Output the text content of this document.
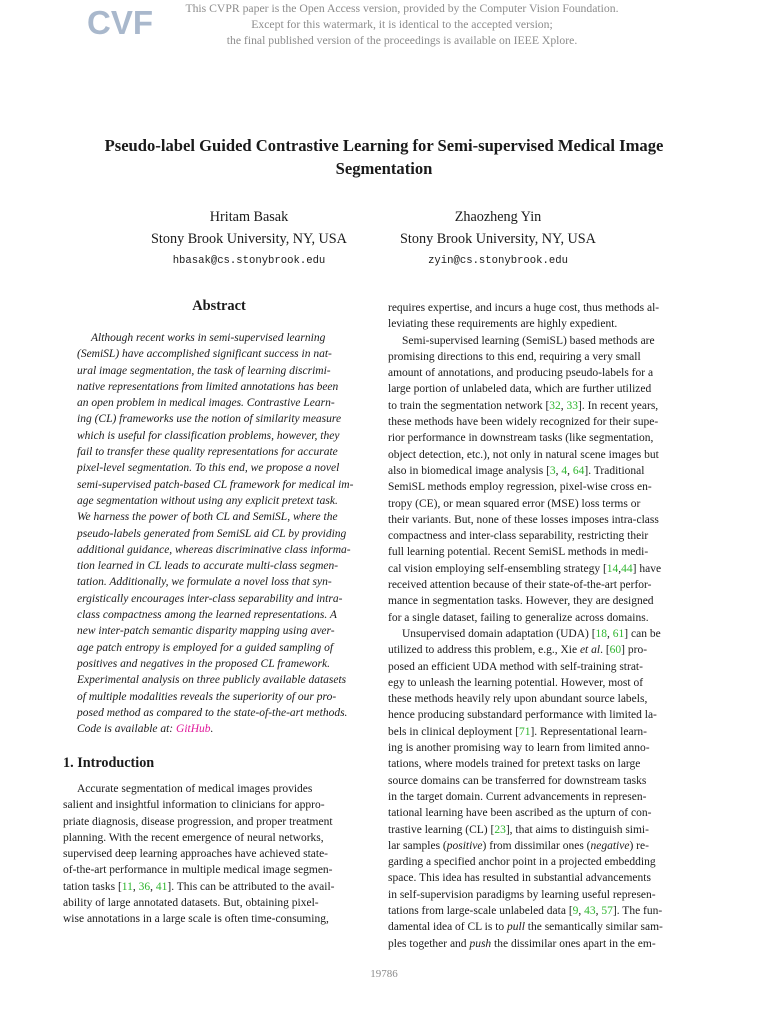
CVF	This CVPR paper is the Open Access version, provided by the Computer Vision Foundation.
Except for this watermark, it is identical to the accepted version;
the final published version of the proceedings is available on IEEE Xplore.
Pseudo-label Guided Contrastive Learning for Semi-supervised Medical Image
Segmentation
Hritam Basak
Stony Brook University, NY, USA
hbasak@cs.stonybrook.edu
Zhaozheng Yin
Stony Brook University, NY, USA
zyin@cs.stonybrook.edu
Abstract
Although recent works in semi-supervised learning
(SemiSL) have accomplished significant success in nat-
ural image segmentation, the task of learning discrimi-
native representations from limited annotations has been
an open problem in medical images. Contrastive Learn-
ing (CL) frameworks use the notion of similarity measure
which is useful for classification problems, however, they
fail to transfer these quality representations for accurate
pixel-level segmentation. To this end, we propose a novel
semi-supervised patch-based CL framework for medical im-
age segmentation without using any explicit pretext task.
We harness the power of both CL and SemiSL, where the
pseudo-labels generated from SemiSL aid CL by providing
additional guidance, whereas discriminative class informa-
tion learned in CL leads to accurate multi-class segmen-
tation. Additionally, we formulate a novel loss that syn-
ergistically encourages inter-class separability and intra-
class compactness among the learned representations. A
new inter-patch semantic disparity mapping using aver-
age patch entropy is employed for a guided sampling of
positives and negatives in the proposed CL framework.
Experimental analysis on three publicly available datasets
of multiple modalities reveals the superiority of our pro-
posed method as compared to the state-of-the-art methods.
Code is available at: GitHub.
1. Introduction
Accurate segmentation of medical images provides
salient and insightful information to clinicians for appro-
priate diagnosis, disease progression, and proper treatment
planning. With the recent emergence of neural networks,
supervised deep learning approaches have achieved state-
of-the-art performance in multiple medical image segmen-
tation tasks [11, 36, 41]. This can be attributed to the avail-
ability of large annotated datasets. But, obtaining pixel-
wise annotations in a large scale is often time-consuming,
requires expertise, and incurs a huge cost, thus methods al-
leviating these requirements are highly expedient.
Semi-supervised learning (SemiSL) based methods are
promising directions to this end, requiring a very small
amount of annotations, and producing pseudo-labels for a
large portion of unlabeled data, which are further utilized
to train the segmentation network [32, 33]. In recent years,
these methods have been widely recognized for their supe-
rior performance in downstream tasks (like segmentation,
object detection, etc.), not only in natural scene images but
also in biomedical image analysis [3, 4, 64]. Traditional
SemiSL methods employ regression, pixel-wise cross en-
tropy (CE), or mean squared error (MSE) loss terms or
their variants. But, none of these losses imposes intra-class
compactness and inter-class separability, restricting their
full learning potential. Recent SemiSL methods in medi-
cal vision employing self-ensembling strategy [14,44] have
received attention because of their state-of-the-art perfor-
mance in segmentation tasks. However, they are designed
for a single dataset, failing to generalize across domains.
Unsupervised domain adaptation (UDA) [18, 61] can be
utilized to address this problem, e.g., Xie et al. [60] pro-
posed an efficient UDA method with self-training strat-
egy to unleash the learning potential. However, most of
these methods heavily rely upon abundant source labels,
hence producing substandard performance with limited la-
bels in clinical deployment [71]. Representational learn-
ing is another promising way to learn from limited anno-
tations, where models trained for pretext tasks on large
source domains can be transferred for downstream tasks
in the target domain. Current advancements in represen-
tational learning have been ascribed as the upturn of con-
trastive learning (CL) [23], that aims to distinguish simi-
lar samples (positive) from dissimilar ones (negative) re-
garding a specified anchor point in a projected embedding
space. This idea has resulted in substantial advancements
in self-supervision paradigms by learning useful represen-
tations from large-scale unlabeled data [9, 43, 57]. The fun-
damental idea of CL is to pull the semantically similar sam-
ples together and push the dissimilar ones apart in the em-
19786
